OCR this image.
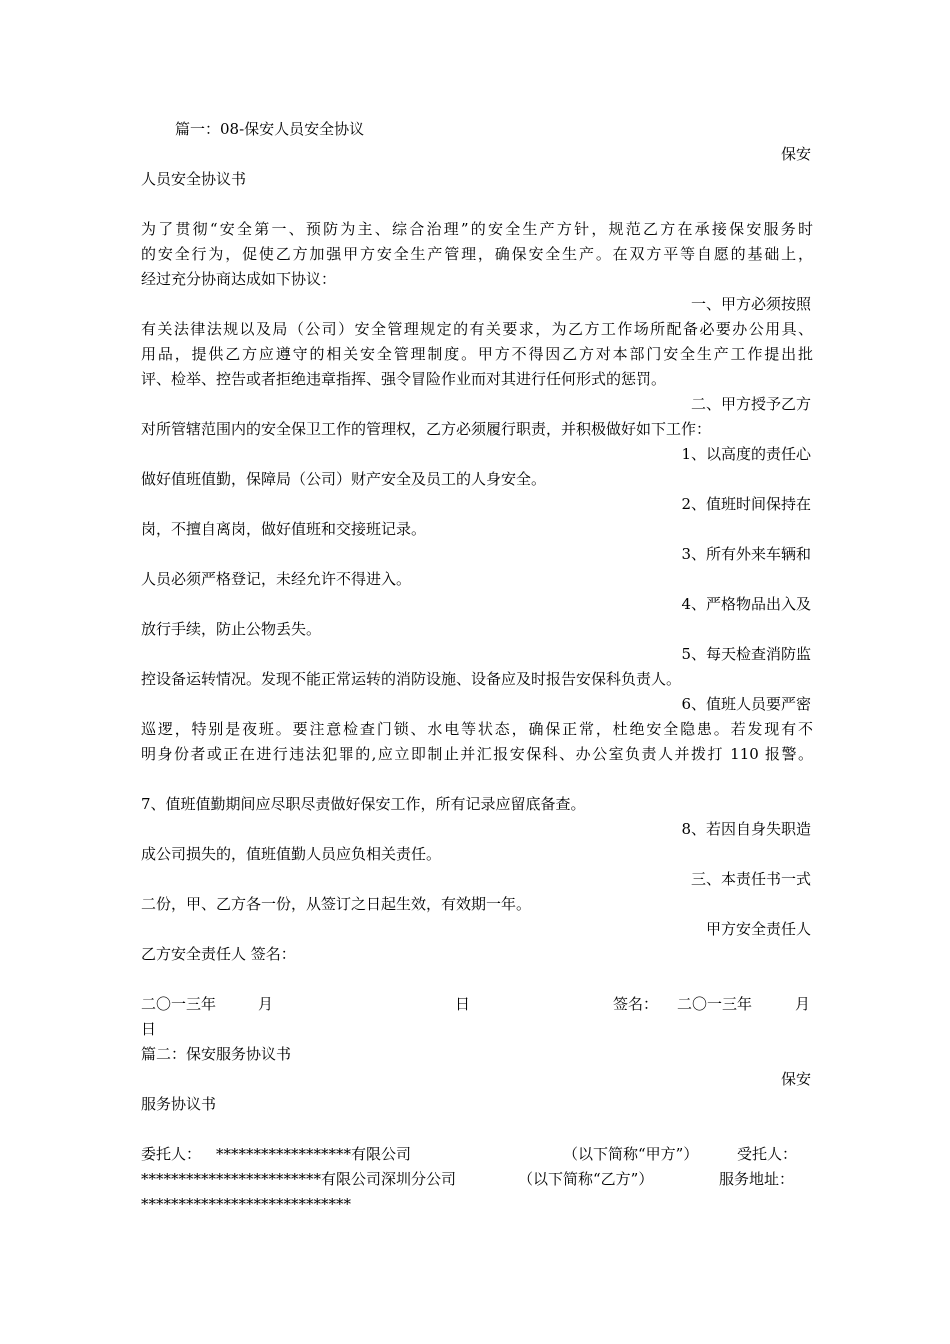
篇一：08-保安人员安全协议
保安
人员安全协议书
为了贯彻“安全第一、预防为主、综合治理”的安全生产方针，规范乙方在承接保安服务时
的安全行为，促使乙方加强甲方安全生产管理，确保安全生产。在双方平等自愿的基础上，
经过充分协商达成如下协议：
一、甲方必须按照
有关法律法规以及局（公司）安全管理规定的有关要求，为乙方工作场所配备必要办公用具、
用品，提供乙方应遵守的相关安全管理制度。甲方不得因乙方对本部门安全生产工作提出批
评、检举、控告或者拒绝违章指挥、强令冒险作业而对其进行任何形式的惩罚。
二、甲方授予乙方
对所管辖范围内的安全保卫工作的管理权，乙方必须履行职责，并积极做好如下工作：
1、以高度的责任心
做好值班值勤，保障局（公司）财产安全及员工的人身安全。
2、值班时间保持在
岗，不擅自离岗，做好值班和交接班记录。
3、所有外来车辆和
人员必须严格登记，未经允许不得进入。
4、严格物品出入及
放行手续，防止公物丢失。
5、每天检查消防监
控设备运转情况。发现不能正常运转的消防设施、设备应及时报告安保科负责人。
6、值班人员要严密
巡逻，特别是夜班。要注意检查门锁、水电等状态，确保正常，杜绝安全隐患。若发现有不
明身份者或正在进行违法犯罪的,应立即制止并汇报安保科、办公室负责人并拨打 110 报警。
7、值班值勤期间应尽职尽责做好保安工作，所有记录应留底备查。
8、若因自身失职造
成公司损失的，值班值勤人员应负相关责任。
三、本责任书一式
二份，甲、乙方各一份，从签订之日起生效，有效期一年。
甲方安全责任人
乙方安全责任人 签名：
二〇一三年	月	日	签名： 二〇一三年	月
日
篇二：保安服务协议书
保安
服务协议书
委托人： ******************有限公司	（以下简称“甲方”）	受托人：
************************有限公司深圳分公司	（以下简称“乙方”）	服务地址：
****************************
